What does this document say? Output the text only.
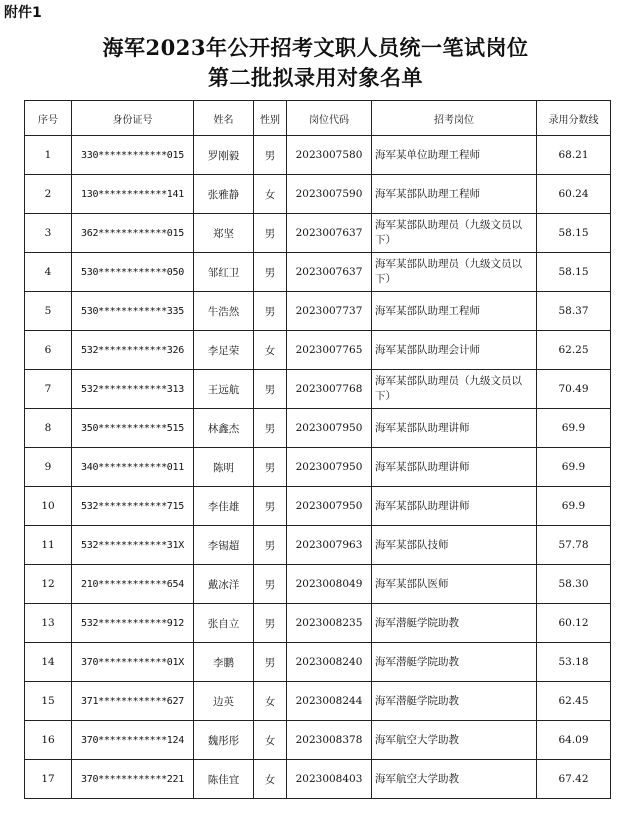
附件1
海军2023年公开招考文职人员统一笔试岗位
第二批拟录用对象名单
序号	身份证号	姓名	性别	岗位代码	招考岗位	录用分数线
1	330************015	罗刚毅	男	2023007580	海军某单位助理工程师	68.21
2	130************141	张雅静	女	2023007590	海军某部队助理工程师	60.24
3	362************015	郑坚	男	2023007637	海军某部队助理员（九级文员以下）	58.15
4	530************050	邹红卫	男	2023007637	海军某部队助理员（九级文员以下）	58.15
5	530************335	牛浩然	男	2023007737	海军某部队助理工程师	58.37
6	532************326	李足荣	女	2023007765	海军某部队助理会计师	62.25
7	532************313	王远航	男	2023007768	海军某部队助理员（九级文员以下）	70.49
8	350************515	林鑫杰	男	2023007950	海军某部队助理讲师	69.9
9	340************011	陈明	男	2023007950	海军某部队助理讲师	69.9
10	532************715	李佳雄	男	2023007950	海军某部队助理讲师	69.9
11	532************31X	李锡超	男	2023007963	海军某部队技师	57.78
12	210************654	戴冰洋	男	2023008049	海军某部队医师	58.30
13	532************912	张自立	男	2023008235	海军潜艇学院助教	60.12
14	370************01X	李鹏	男	2023008240	海军潜艇学院助教	53.18
15	371************627	边英	女	2023008244	海军潜艇学院助教	62.45
16	370************124	魏彤彤	女	2023008378	海军航空大学助教	64.09
17	370************221	陈佳宜	女	2023008403	海军航空大学助教	67.42
